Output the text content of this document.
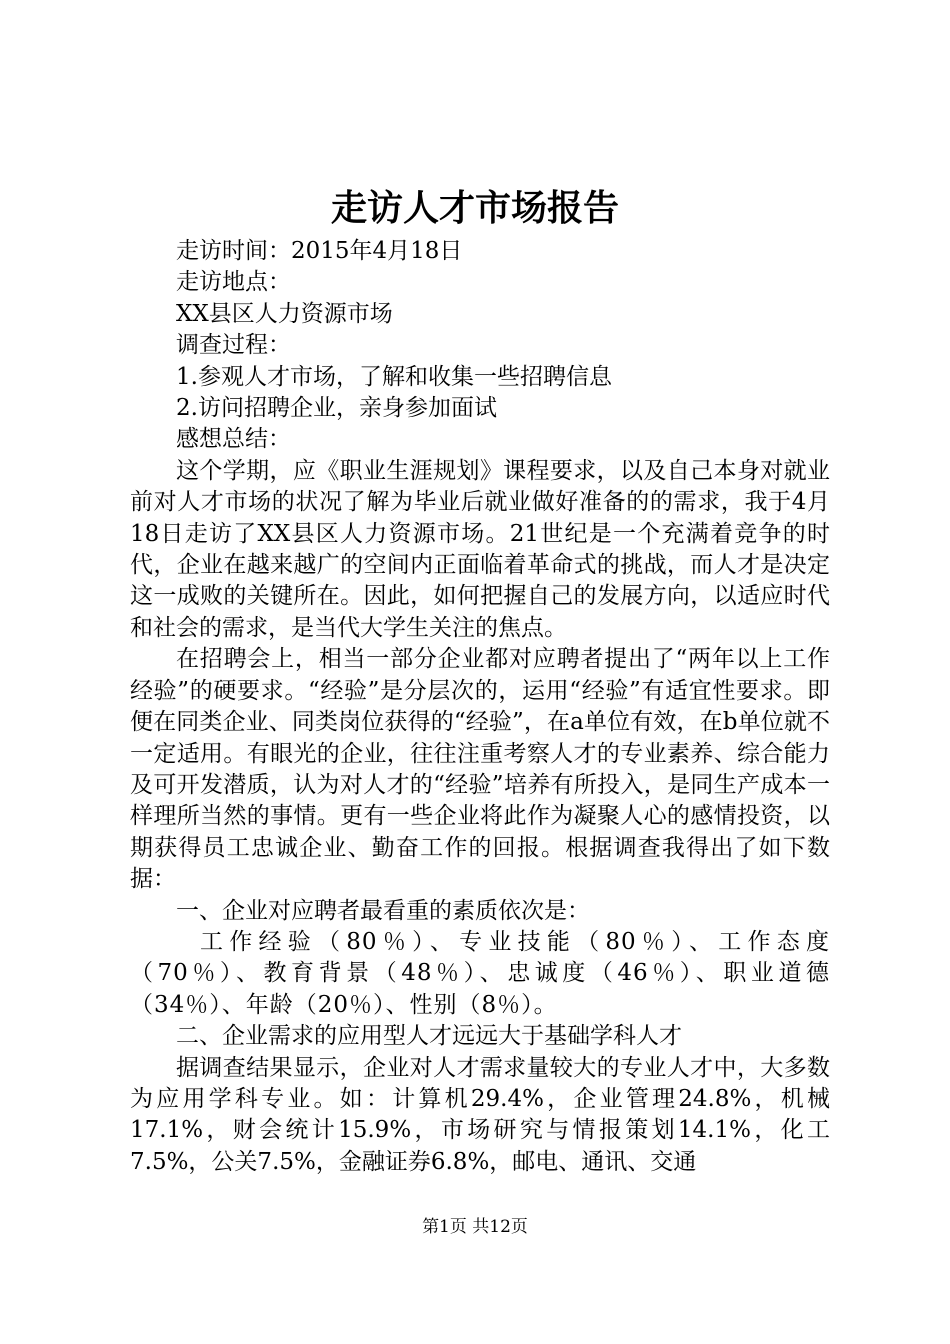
走访人才市场报告

走访时间：2015年4月18日

走访地点：

XX县区人力资源市场

调查过程：

1.参观人才市场，了解和收集一些招聘信息

2.访问招聘企业，亲身参加面试

感想总结：

这个学期，应《职业生涯规划》课程要求，以及自己本身对就业前对人才市场的状况了解为毕业后就业做好准备的的需求，我于4月18日走访了XX县区人力资源市场。21世纪是一个充满着竞争的时代，企业在越来越广的空间内正面临着革命式的挑战，而人才是决定这一成败的关键所在。因此，如何把握自己的发展方向，以适应时代和社会的需求，是当代大学生关注的焦点。

在招聘会上，相当一部分企业都对应聘者提出了“两年以上工作经验”的硬要求。“经验”是分层次的，运用“经验”有适宜性要求。即便在同类企业、同类岗位获得的“经验”，在a单位有效，在b单位就不一定适用。有眼光的企业，往往注重考察人才的专业素养、综合能力及可开发潜质，认为对人才的“经验”培养有所投入，是同生产成本一样理所当然的事情。更有一些企业将此作为凝聚人心的感情投资，以期获得员工忠诚企业、勤奋工作的回报。根据调查我得出了如下数据：

一、企业对应聘者最看重的素质依次是：

工作经验（80％）、专业技能（80％）、工作态度（70％）、教育背景（48％）、忠诚度（46％）、职业道德（34％）、年龄（20％）、性别（8％）。

二、企业需求的应用型人才远远大于基础学科人才

据调查结果显示，企业对人才需求量较大的专业人才中，大多数为应用学科专业。如：计算机29.4%，企业管理24.8%，机械17.1%，财会统计15.9%，市场研究与情报策划14.1%，化工7.5%，公关7.5%，金融证券6.8%，邮电、通讯、交通

第1页 共12页
